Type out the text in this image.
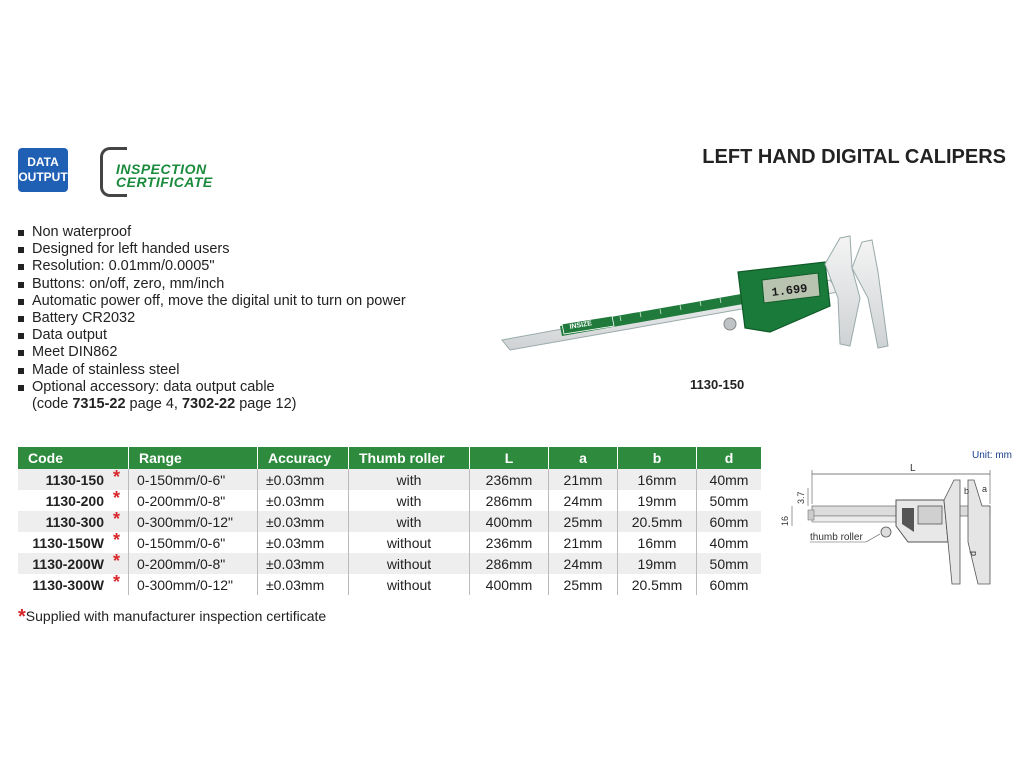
DATA
OUTPUT	INSPECTION
CERTIFICATE
LEFT HAND DIGITAL CALIPERS
Non waterproof
Designed for left handed users
Resolution: 0.01mm/0.0005"
Buttons: on/off, zero, mm/inch
Automatic power off, move the digital unit to turn on power
Battery CR2032
Data output
Meet DIN862
Made of stainless steel
Optional accessory: data output cable
(code 7315-22 page 4, 7302-22 page 12)
INSIZE
1.699
1130-150
Code	Range	Accuracy	Thumb roller	L	a	b	d
1130-150 *	0-150mm/0-6"	±0.03mm	with	236mm	21mm	16mm	40mm
1130-200 *	0-200mm/0-8"	±0.03mm	with	286mm	24mm	19mm	50mm
1130-300 *	0-300mm/0-12"	±0.03mm	with	400mm	25mm	20.5mm	60mm
1130-150W *	0-150mm/0-6"	±0.03mm	without	236mm	21mm	16mm	40mm
1130-200W *	0-200mm/0-8"	±0.03mm	without	286mm	24mm	19mm	50mm
1130-300W *	0-300mm/0-12"	±0.03mm	without	400mm	25mm	20.5mm	60mm
*Supplied with manufacturer inspection certificate
Unit: mm
L
a
b
d
3.7
16
thumb roller
